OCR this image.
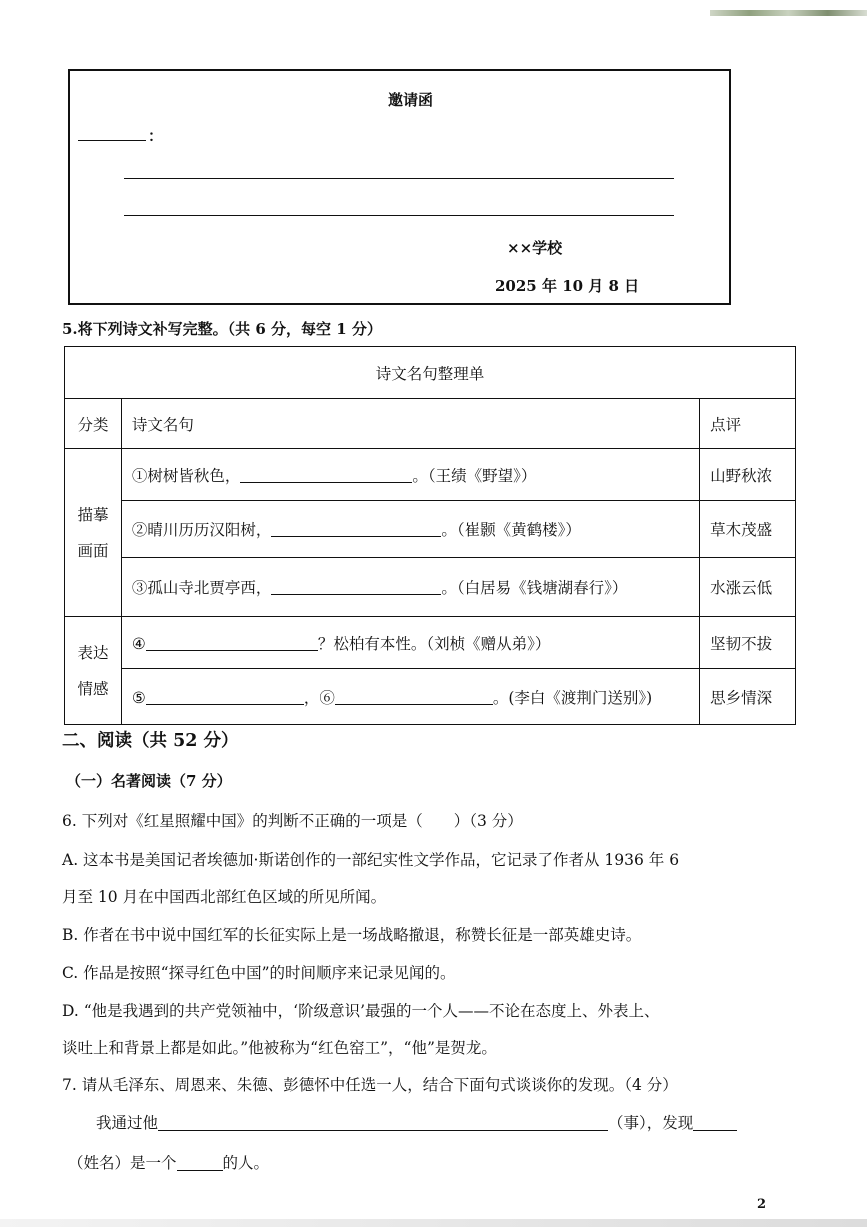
邀请函
：
××学校
2025 年 10 月 8 日
5.将下列诗文补写完整。（共 6 分，每空 1 分）
诗文名句整理单		
分类	诗文名句	点评
描摹
画面	①树树皆秋色， 。（王绩《野望》）	山野秋浓
	②晴川历历汉阳树， 。（崔颢《黄鹤楼》）	草木茂盛
	③孤山寺北贾亭西， 。（白居易《钱塘湖春行》）	水涨云低
表达
情感	④ ？松柏有本性。（刘桢《赠从弟》）	坚韧不拔
	⑤ ，⑥ 。(李白《渡荆门送别》)	思乡情深
二、阅读（共 52 分）
（一）名著阅读（7 分）
6. 下列对《红星照耀中国》的判断不正确的一项是（　　）（3 分）
A. 这本书是美国记者埃德加·斯诺创作的一部纪实性文学作品，它记录了作者从 1936 年 6
月至 10 月在中国西北部红色区域的所见所闻。
B. 作者在书中说中国红军的长征实际上是一场战略撤退，称赞长征是一部英雄史诗。
C. 作品是按照“探寻红色中国”的时间顺序来记录见闻的。
D. “他是我遇到的共产党领袖中，‘阶级意识’最强的一个人——不论在态度上、外表上、
谈吐上和背景上都是如此。”他被称为“红色窑工”，“他”是贺龙。
7. 请从毛泽东、周恩来、朱德、彭德怀中任选一人，结合下面句式谈谈你的发现。（4 分）
我通过他	（事），发现
（姓名）是一个	的人。
2
